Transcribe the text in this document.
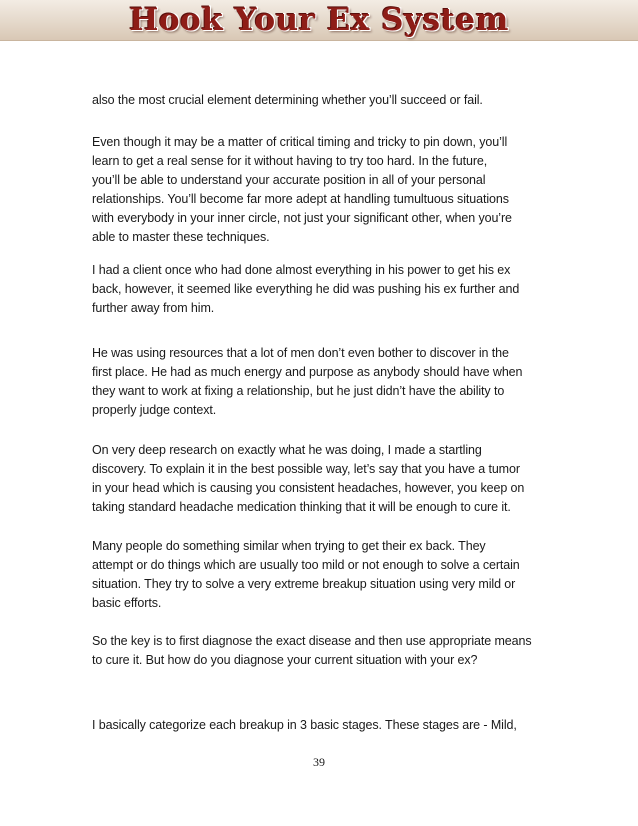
Hook Your Ex System

also the most crucial element determining whether you’ll succeed or fail.

Even though it may be a matter of critical timing and tricky to pin down, you’ll
learn to get a real sense for it without having to try too hard. In the future,
you’ll be able to understand your accurate position in all of your personal
relationships. You’ll become far more adept at handling tumultuous situations
with everybody in your inner circle, not just your significant other, when you’re
able to master these techniques.

I had a client once who had done almost everything in his power to get his ex
back, however, it seemed like everything he did was pushing his ex further and
further away from him.

He was using resources that a lot of men don’t even bother to discover in the
first place. He had as much energy and purpose as anybody should have when
they want to work at fixing a relationship, but he just didn’t have the ability to
properly judge context.

On very deep research on exactly what he was doing, I made a startling
discovery. To explain it in the best possible way, let’s say that you have a tumor
in your head which is causing you consistent headaches, however, you keep on
taking standard headache medication thinking that it will be enough to cure it.

Many people do something similar when trying to get their ex back. They
attempt or do things which are usually too mild or not enough to solve a certain
situation. They try to solve a very extreme breakup situation using very mild or
basic efforts.

So the key is to first diagnose the exact disease and then use appropriate means
to cure it. But how do you diagnose your current situation with your ex?

I basically categorize each breakup in 3 basic stages. These stages are - Mild,

39
